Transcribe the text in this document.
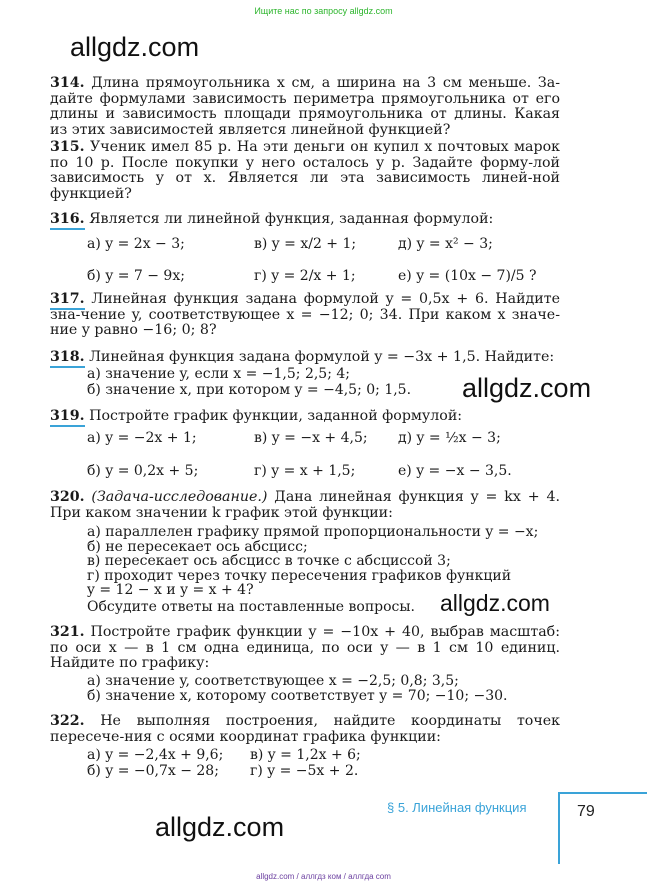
Ищите нас по запросу allgdz.com
allgdz.com
314. Длина прямоугольника x см, а ширина на 3 см меньше. За-дайте формулами зависимость периметра прямоугольника от его длины и зависимость площади прямоугольника от длины. Какая из этих зависимостей является линейной функцией?
315. Ученик имел 85 р. На эти деньги он купил x почтовых марок по 10 р. После покупки у него осталось y р. Задайте форму-лой зависимость y от x. Является ли эта зависимость линей-ной функцией?
316. Является ли линейной функция, заданная формулой:
а) y = 2x − 3;	в) y = x/2 + 1;	д) y = x² − 3;
б) y = 7 − 9x;	г) y = 2/x + 1;	е) y = (10x − 7)/5 ?
317. Линейная функция задана формулой y = 0,5x + 6. Найдите зна-чение y, соответствующее x = −12; 0; 34. При каком x значе-ние y равно −16; 0; 8?
318. Линейная функция задана формулой y = −3x + 1,5. Найдите:
а) значение y, если x = −1,5; 2,5; 4;
б) значение x, при котором y = −4,5; 0; 1,5. allgdz.com
319. Постройте график функции, заданной формулой:
а) y = −2x + 1;	в) y = −x + 4,5; д) y = ½x − 3;
б) y = 0,2x + 5;	г) y = x + 1,5;	е) y = −x − 3,5.
320. (Задача-исследование.) Дана линейная функция y = kx + 4. При каком значении k график этой функции:
а) параллелен графику прямой пропорциональности y = −x;
б) не пересекает ось абсцисс;
в) пересекает ось абсцисс в точке с абсциссой 3;
г) проходит через точку пересечения графиков функций
y = 12 − x и y = x + 4?
Обсудите ответы на поставленные вопросы. allgdz.com
321. Постройте график функции y = −10x + 40, выбрав масштаб: по оси x — в 1 см одна единица, по оси y — в 1 см 10 единиц. Найдите по графику:
а) значение y, соответствующее x = −2,5; 0,8; 3,5;
б) значение x, которому соответствует y = 70; −10; −30.
322. Не выполняя построения, найдите координаты точек пересече-ния с осями координат графика функции:
а) y = −2,4x + 9,6; в) y = 1,2x + 6;
б) y = −0,7x − 28; г) y = −5x + 2.
§ 5. Линейная функция	79
allgdz.com
allgdz.com / аллгдз ком / аллгда com
